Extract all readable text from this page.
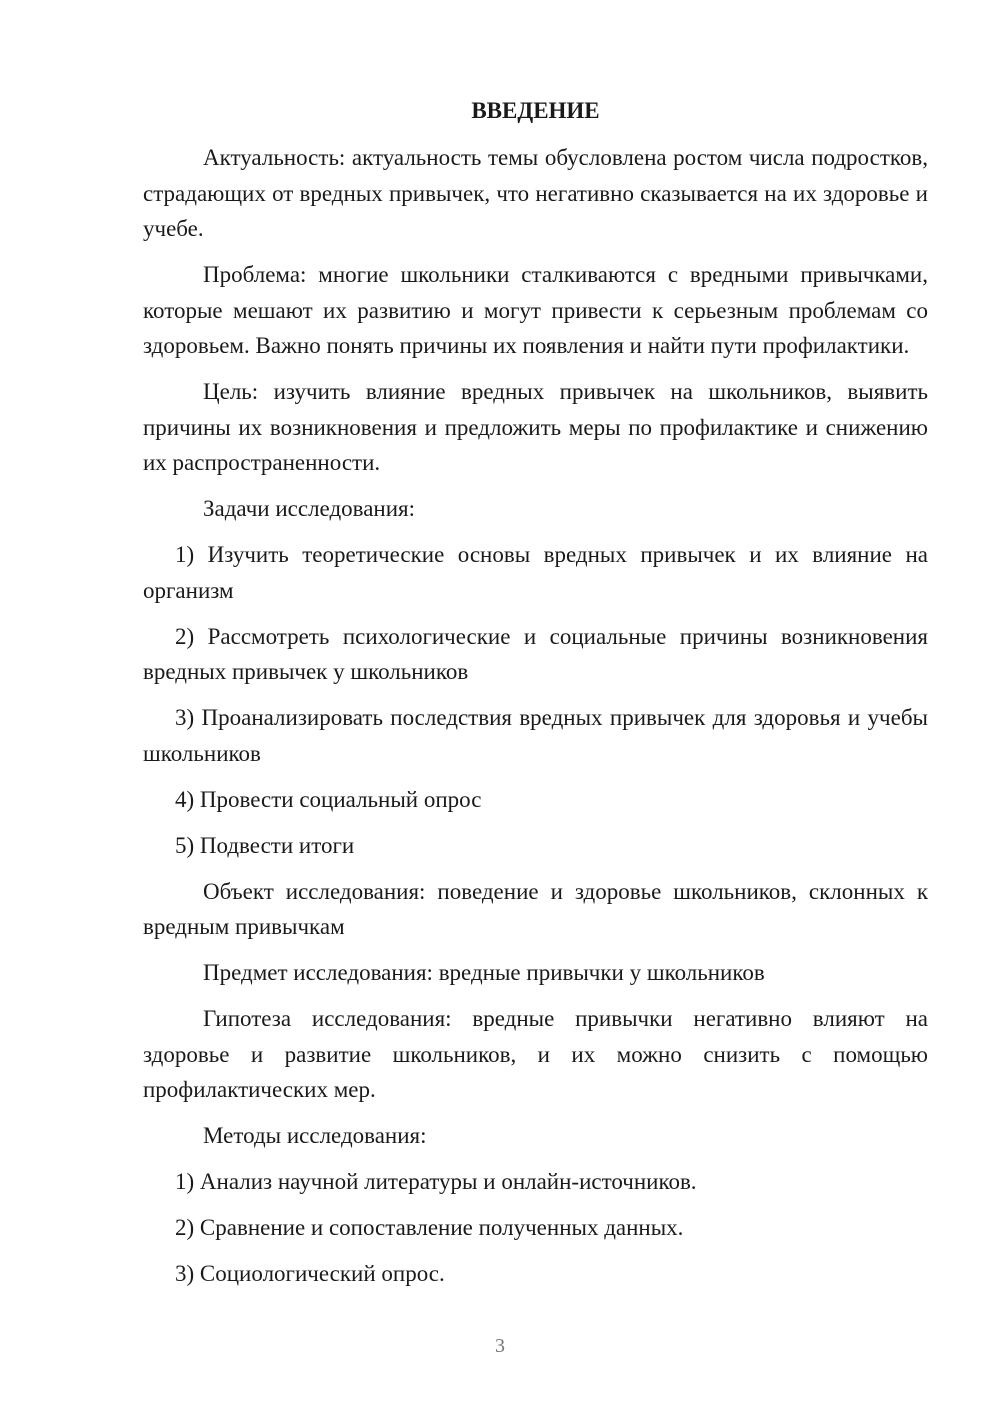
ВВЕДЕНИЕ

Актуальность: актуальность темы обусловлена ростом числа подростков, страдающих от вредных привычек, что негативно сказывается на их здоровье и учебе.

Проблема: многие школьники сталкиваются с вредными привычками, которые мешают их развитию и могут привести к серьезным проблемам со здоровьем. Важно понять причины их появления и найти пути профилактики.

Цель: изучить влияние вредных привычек на школьников, выявить причины их возникновения и предложить меры по профилактике и снижению их распространенности.

Задачи исследования:

1) Изучить теоретические основы вредных привычек и их влияние на организм

2) Рассмотреть психологические и социальные причины возникновения вредных привычек у школьников

3) Проанализировать последствия вредных привычек для здоровья и учебы школьников

4) Провести социальный опрос

5) Подвести итоги

Объект исследования: поведение и здоровье школьников, склонных к вредным привычкам

Предмет исследования: вредные привычки у школьников

Гипотеза исследования: вредные привычки негативно влияют на здоровье и развитие школьников, и их можно снизить с помощью профилактических мер.

Методы исследования:

1) Анализ научной литературы и онлайн-источников.

2) Сравнение и сопоставление полученных данных.

3) Социологический опрос.

3
